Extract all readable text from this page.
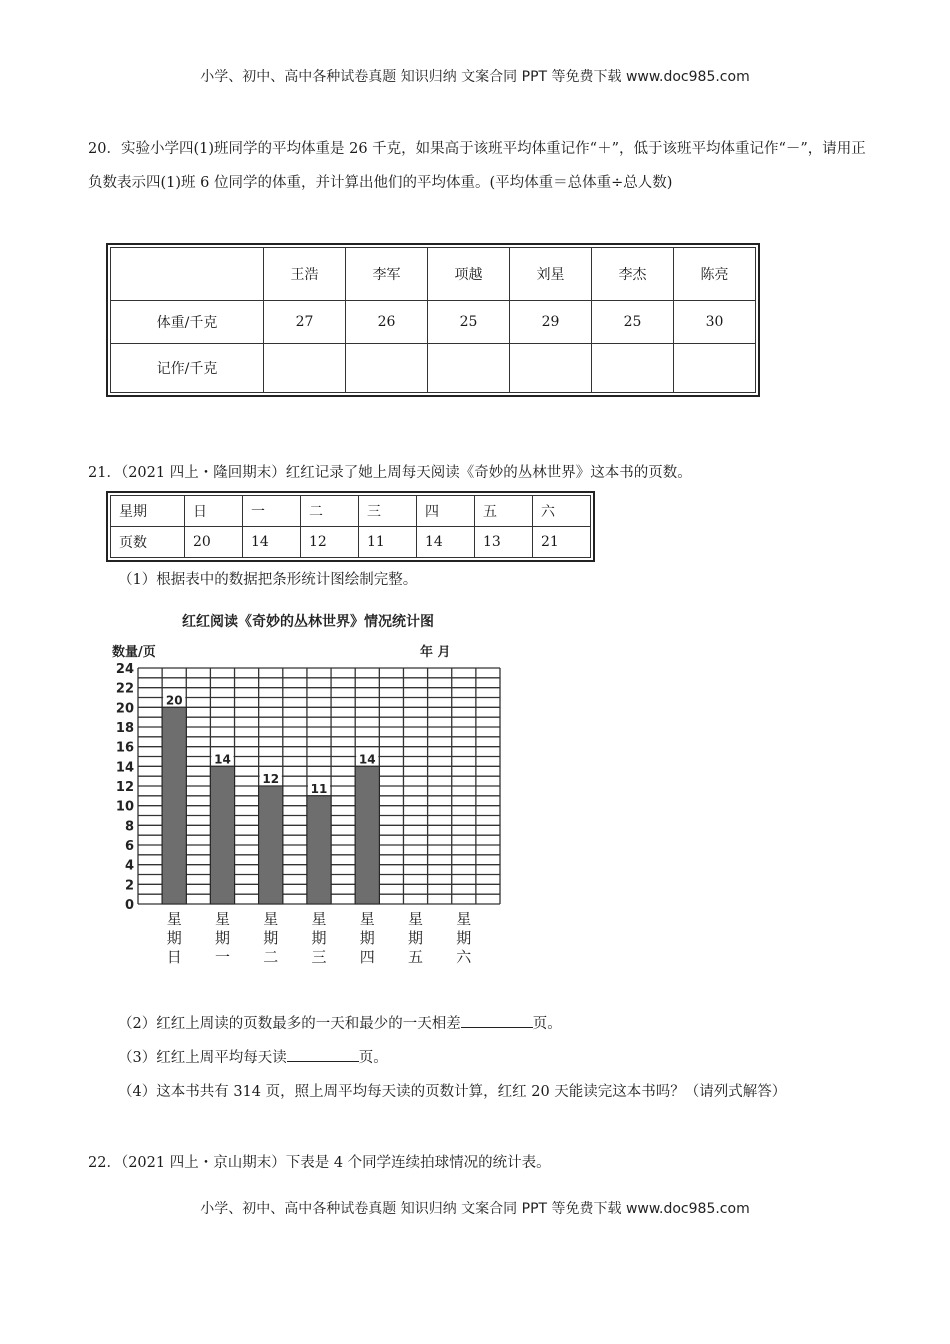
小学、初中、高中各种试卷真题 知识归纳 文案合同 PPT 等免费下载 www.doc985.com
20．实验小学四(1)班同学的平均体重是 26 千克，如果高于该班平均体重记作“＋”，低于该班平均体重记作“－”，请用正负数表示四(1)班 6 位同学的体重，并计算出他们的平均体重。(平均体重＝总体重÷总人数)
	王浩	李军	项越	刘星	李杰	陈亮
体重/千克	27	26	25	29	25	30
记作/千克						
21．（2021 四上・隆回期末）红红记录了她上周每天阅读《奇妙的丛林世界》这本书的页数。
星期	日	一	二	三	四	五	六
页数	20	14	12	11	14	13	21
（1）根据表中的数据把条形统计图绘制完整。
红红阅读《奇妙的丛林世界》情况统计图
数量/页	年 月
20
14
12
11
14
0
2
4
6
8
10
12
14
16
18
20
22
24
星
期
日
星
期
一
星
期
二
星
期
三
星
期
四
星
期
五
星
期
六
（2）红红上周读的页数最多的一天和最少的一天相差	页。
（3）红红上周平均每天读	页。
（4）这本书共有 314 页，照上周平均每天读的页数计算，红红 20 天能读完这本书吗？（请列式解答）
22．（2021 四上・京山期末）下表是 4 个同学连续拍球情况的统计表。
小学、初中、高中各种试卷真题 知识归纳 文案合同 PPT 等免费下载 www.doc985.com
